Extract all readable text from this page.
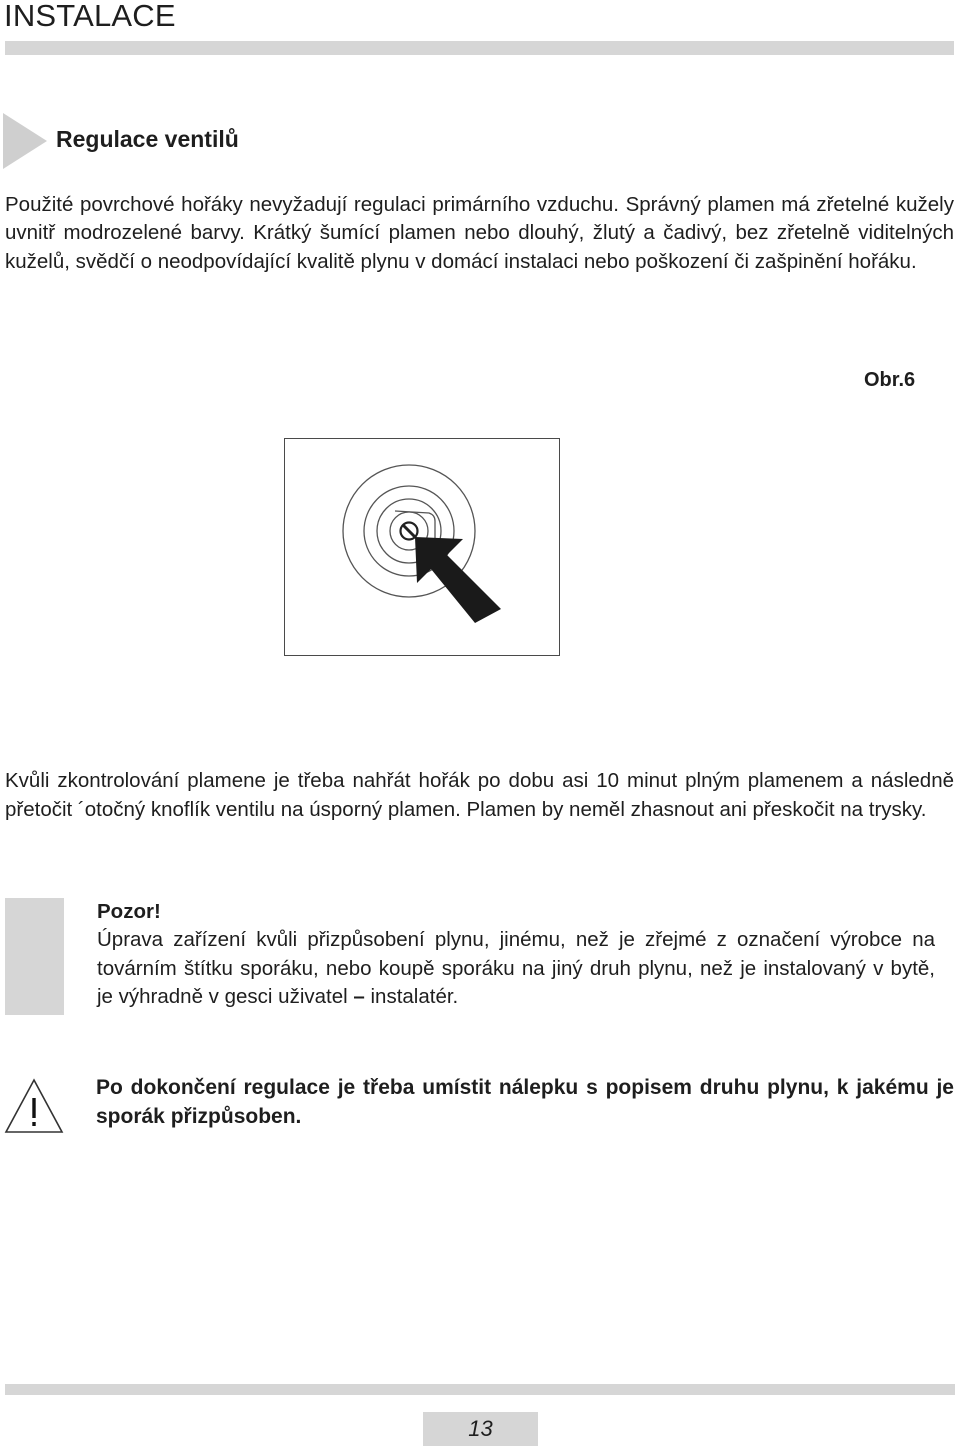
INSTALACE
Regulace ventilů

Použité povrchové hořáky nevyžadují regulaci primárního vzduchu. Správný plamen má zřetelné kužely uvnitř modrozelené barvy. Krátký šumící plamen nebo dlouhý, žlutý a čadivý, bez zřetelně viditelných kuželů, svědčí o neodpovídající kvalitě plynu v domácí instalaci nebo poškození či zašpinění hořáku.

Obr.6

Kvůli zkontrolování plamene je třeba nahřát hořák po dobu asi 10 minut plným plamenem a následně přetočit ´otočný knoflík ventilu na úsporný plamen. Plamen by neměl zhasnout ani přeskočit na trysky.

Pozor!

Úprava zařízení kvůli přizpůsobení plynu, jinému, než je zřejmé z označení výrobce na továrním štítku sporáku, nebo koupě sporáku na jiný druh plynu, než je instalovaný v bytě, je výhradně v gesci uživatel – instalatér.

Po dokončení regulace je třeba umístit nálepku s popisem druhu plynu, k jakému je sporák přizpůsoben.

13
